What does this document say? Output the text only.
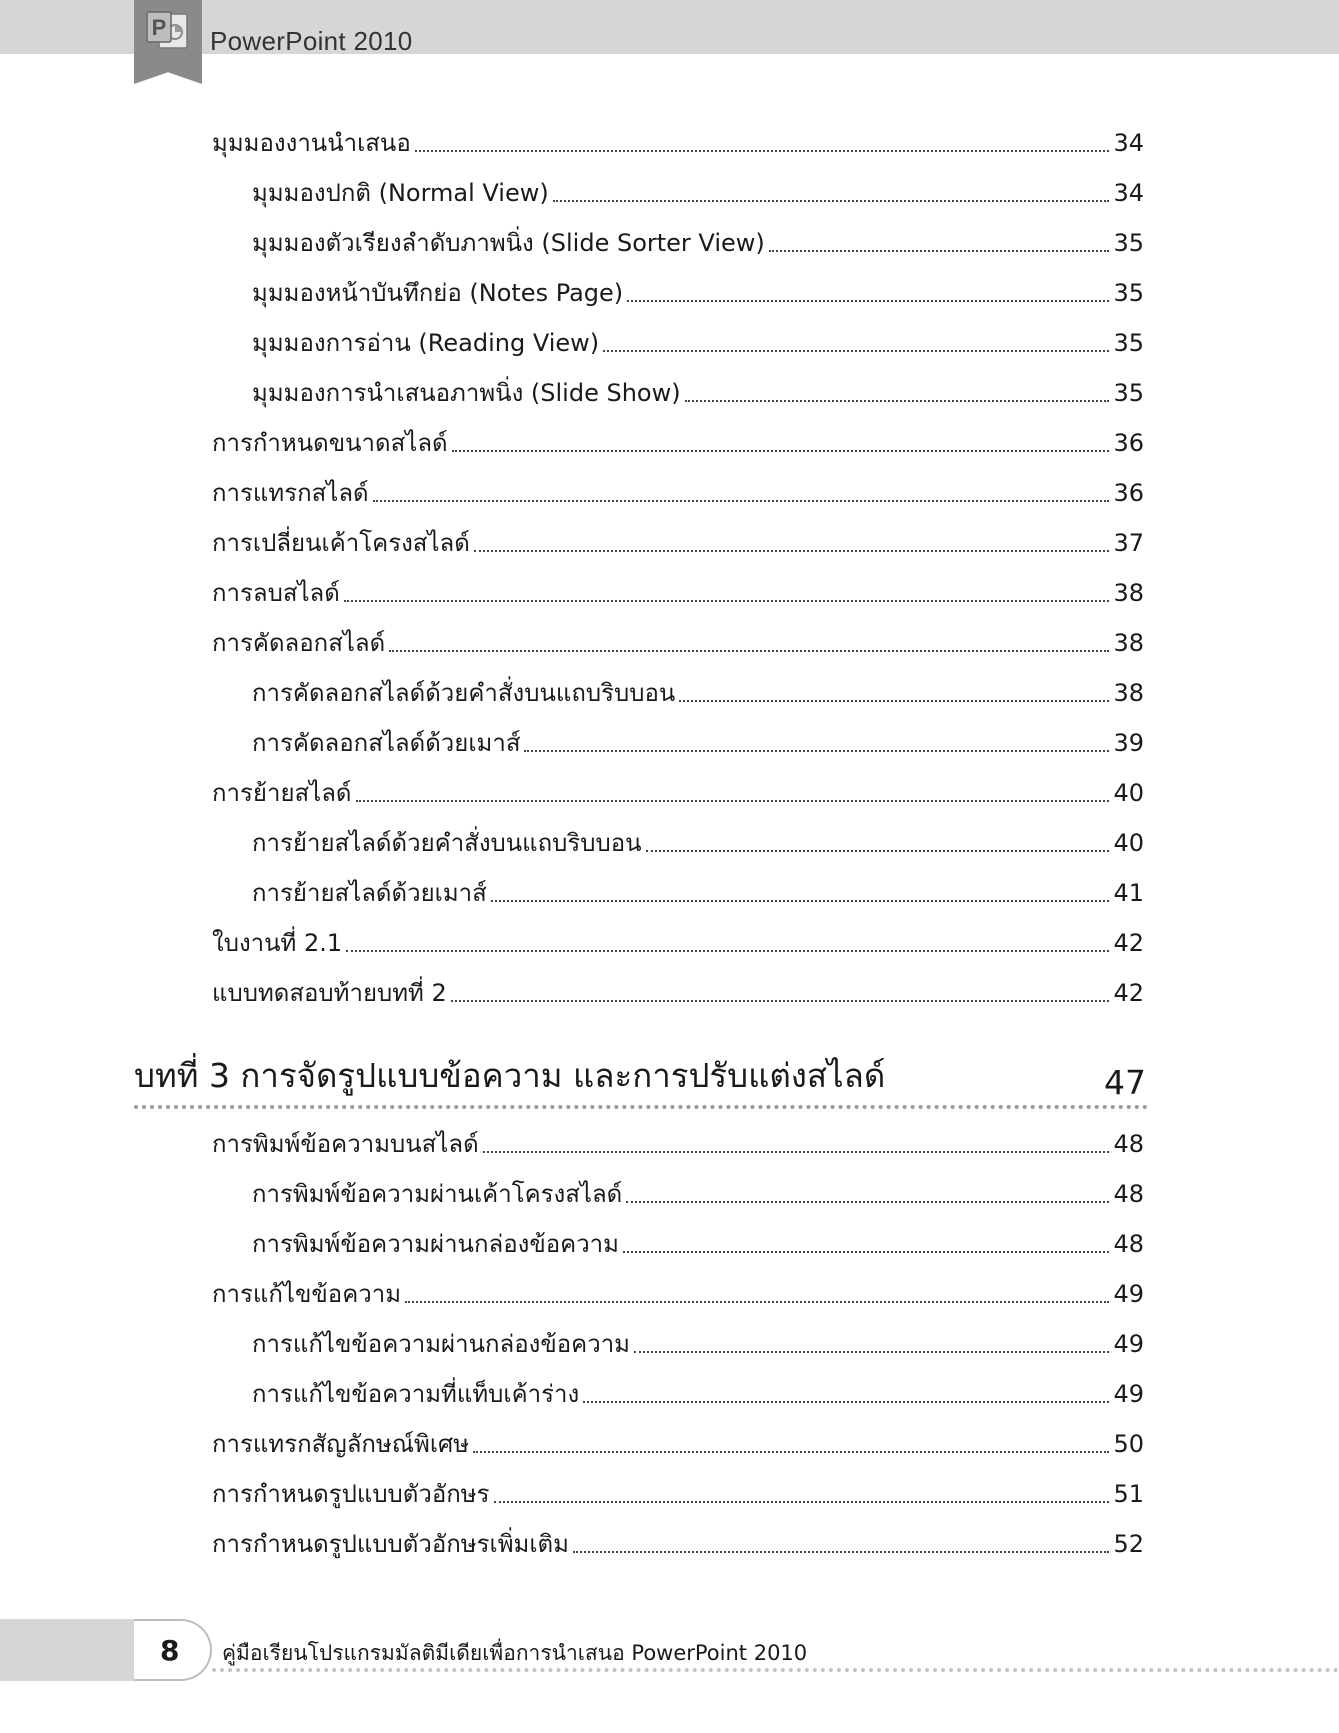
P PowerPoint 2010
มุมมองงานนำเสนอ	34
มุมมองปกติ (Normal View)	34
มุมมองตัวเรียงลำดับภาพนิ่ง (Slide Sorter View)	35
มุมมองหน้าบันทึกย่อ (Notes Page)	35
มุมมองการอ่าน (Reading View)	35
มุมมองการนำเสนอภาพนิ่ง (Slide Show)	35
การกำหนดขนาดสไลด์	36
การแทรกสไลด์	36
การเปลี่ยนเค้าโครงสไลด์	37
การลบสไลด์	38
การคัดลอกสไลด์	38
การคัดลอกสไลด์ด้วยคำสั่งบนแถบริบบอน	38
การคัดลอกสไลด์ด้วยเมาส์	39
การย้ายสไลด์	40
การย้ายสไลด์ด้วยคำสั่งบนแถบริบบอน	40
การย้ายสไลด์ด้วยเมาส์	41
ใบงานที่ 2.1	42
แบบทดสอบท้ายบทที่ 2	42
บทที่ 3 การจัดรูปแบบข้อความ และการปรับแต่งสไลด์	47
การพิมพ์ข้อความบนสไลด์	48
การพิมพ์ข้อความผ่านเค้าโครงสไลด์	48
การพิมพ์ข้อความผ่านกล่องข้อความ	48
การแก้ไขข้อความ	49
การแก้ไขข้อความผ่านกล่องข้อความ	49
การแก้ไขข้อความที่แท็บเค้าร่าง	49
การแทรกสัญลักษณ์พิเศษ	50
การกำหนดรูปแบบตัวอักษร	51
การกำหนดรูปแบบตัวอักษรเพิ่มเติม	52
8 คู่มือเรียนโปรแกรมมัลติมีเดียเพื่อการนำเสนอ PowerPoint 2010
